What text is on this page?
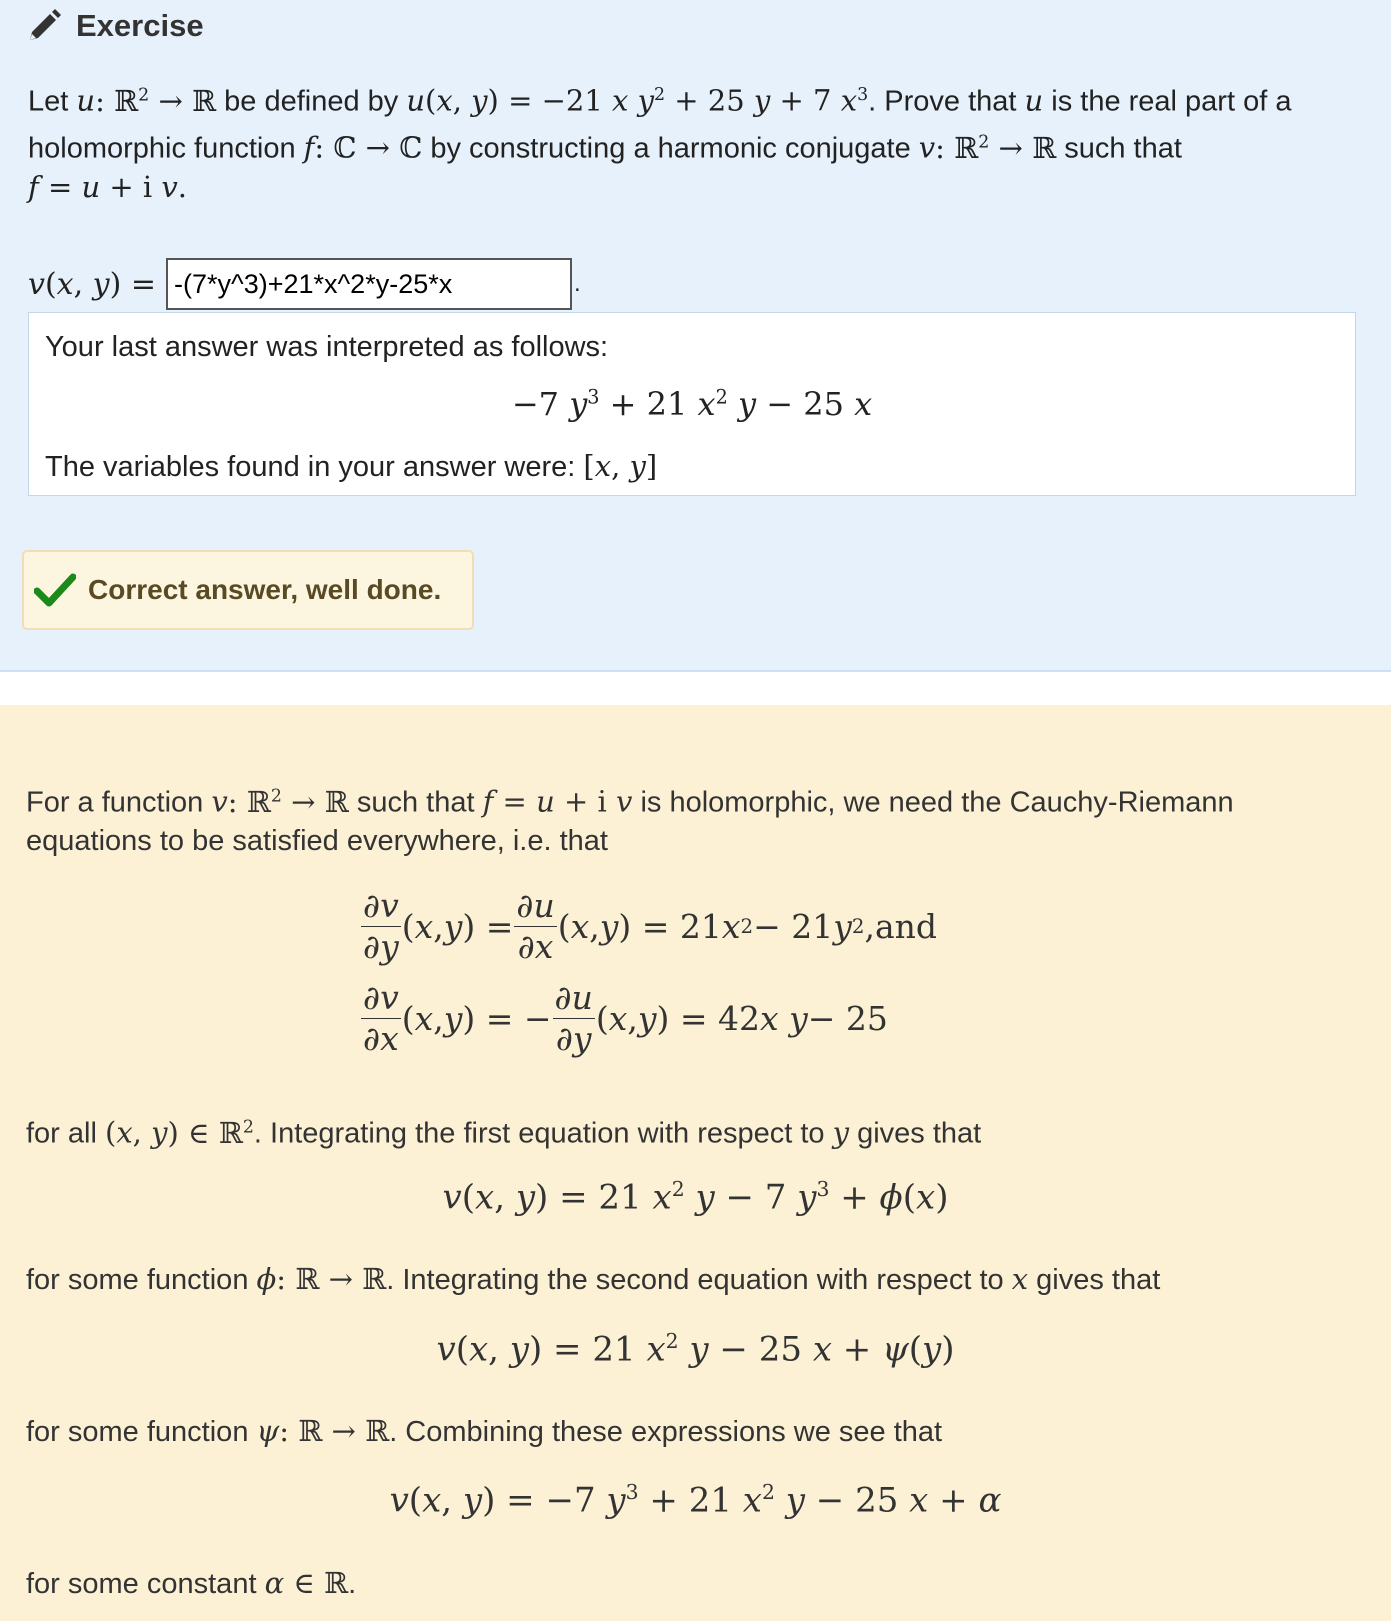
Exercise
Let u: ℝ$^2$ → ℝ be defined by u(x, y) = −21 x $y^2 + 25$ y + 7 $x^3$. Prove that u is the real part of a
holomorphic function f: ℂ → ℂ by constructing a harmonic conjugate v: ℝ$^2$ → ℝ such that
f = u + i v.
v(x, y) =
-(7*y^3)+21*x^2*y-25*x	.
Your last answer was interpreted as follows:
−7 $y^3 + 21$ $x^2$ y − 25 x
The variables found in your answer were: [x, y]
Correct answer, well done.
For a function v: ℝ$^2$ → ℝ such that f = u + i v is holomorphic, we need the Cauchy-Riemann
equations to be satisfied everywhere, i.e. that
$\frac{\partial v}{\partial y}$ ( x , y ) = $\frac{\partial u}{\partial x}$ ( x , y ) = 21 x 2 − 21 y 2 , and
$\frac{\partial v}{\partial x}$ ( x , y ) = − $\frac{\partial u}{\partial y}$ ( x , y ) = 42 x y − 25
for all (x, y) ∈ ℝ$^2$. Integrating the first equation with respect to y gives that
v(x, y) = 21 $x^2$ y − 7 $y^3 + \phi(x)$
for some function ϕ: ℝ → ℝ. Integrating the second equation with respect to x gives that
v(x, y) = 21 $x^2$ y − 25 x + ψ(y)
for some function ψ: ℝ → ℝ. Combining these expressions we see that
v(x, y) = −7 $y^3 + 21$ $x^2$ y − 25 x + α
for some constant α ∈ ℝ.
